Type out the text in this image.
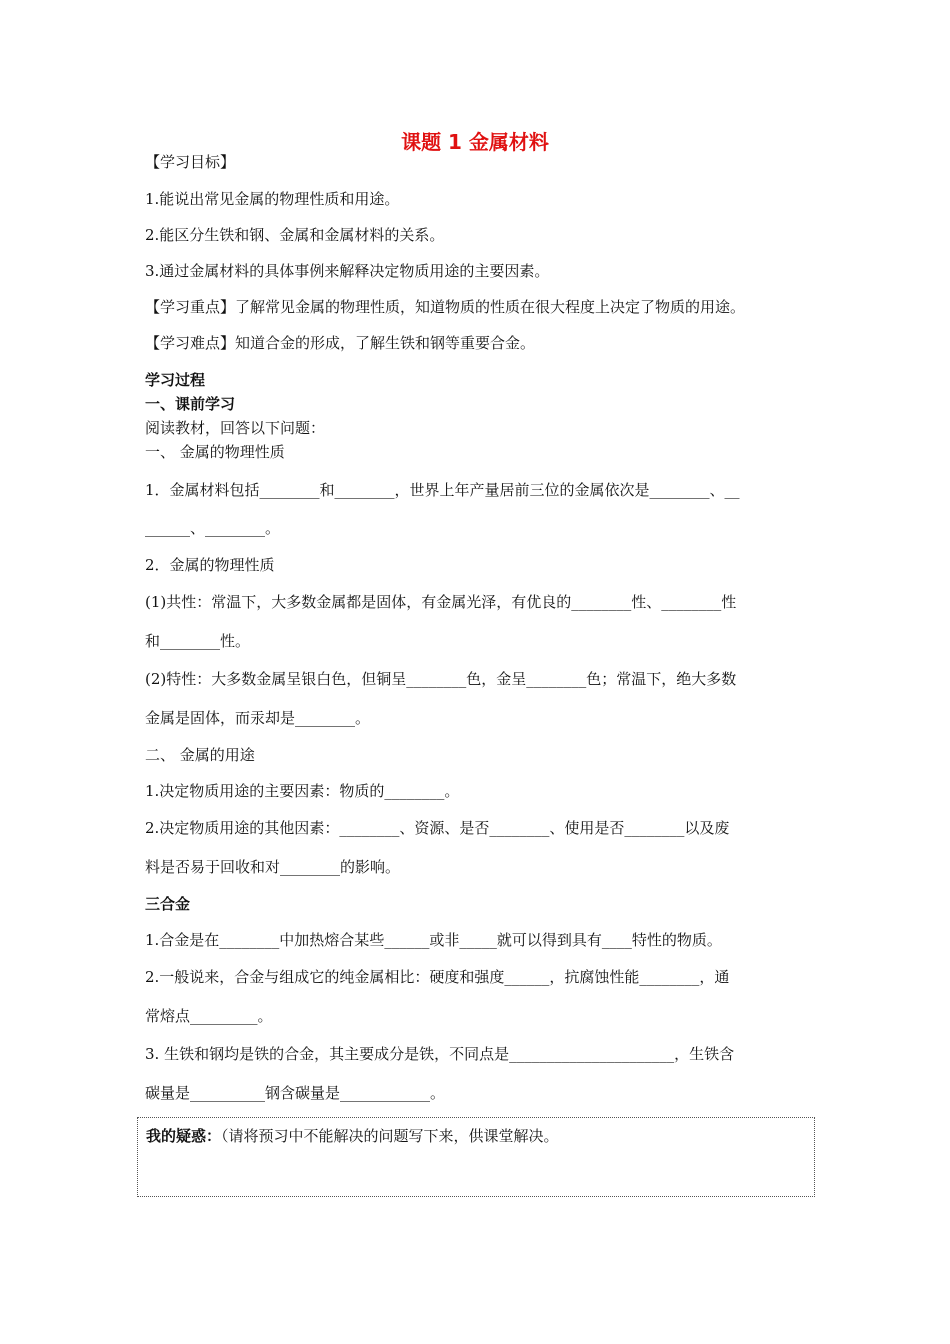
课题 1 金属材料
【学习目标】
1.能说出常见金属的物理性质和用途。
2.能区分生铁和钢、金属和金属材料的关系。
3.通过金属材料的具体事例来解释决定物质用途的主要因素。
【学习重点】了解常见金属的物理性质，知道物质的性质在很大程度上决定了物质的用途。
【学习难点】知道合金的形成，了解生铁和钢等重要合金。
学习过程
一、课前学习
阅读教材，回答以下问题：
一、 金属的物理性质
1．金属材料包括________和________，世界上年产量居前三位的金属依次是________、__
______、________。
2．金属的物理性质
(1)共性：常温下，大多数金属都是固体，有金属光泽，有优良的________性、________性
和________性。
(2)特性：大多数金属呈银白色，但铜呈________色，金呈________色；常温下，绝大多数
金属是固体，而汞却是________。
二、 金属的用途
1.决定物质用途的主要因素：物质的________。
2.决定物质用途的其他因素：________、资源、是否________、使用是否________以及废
料是否易于回收和对________的影响。
三合金
1.合金是在________中加热熔合某些______或非_____就可以得到具有____特性的物质。
2.一般说来，合金与组成它的纯金属相比：硬度和强度______，抗腐蚀性能________，通
常熔点_________。
3. 生铁和钢均是铁的合金，其主要成分是铁，不同点是______________________，生铁含
碳量是__________钢含碳量是____________。
我的疑惑：（请将预习中不能解决的问题写下来，供课堂解决。
